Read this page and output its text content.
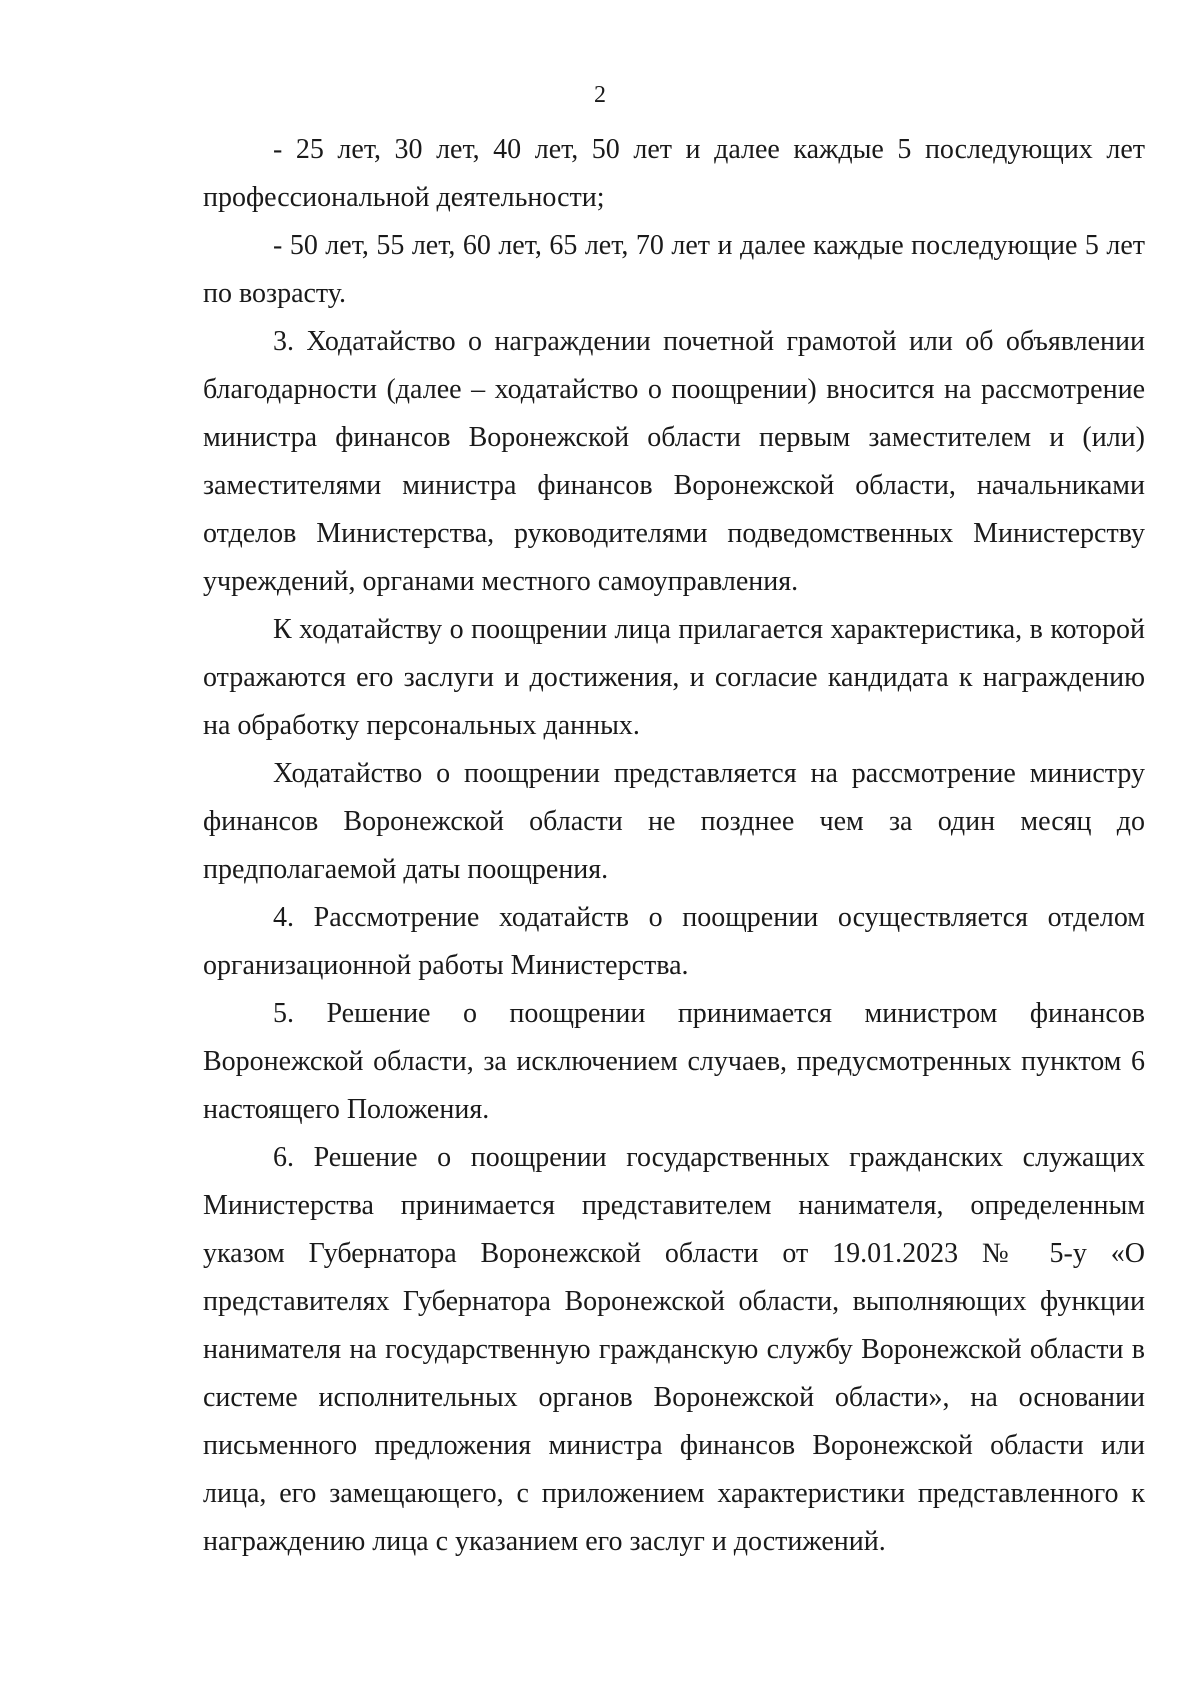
2

- 25 лет, 30 лет, 40 лет, 50 лет и далее каждые 5 последующих лет профессиональной деятельности;

- 50 лет, 55 лет, 60 лет, 65 лет, 70 лет и далее каждые последующие 5 лет по возрасту.

3. Ходатайство о награждении почетной грамотой или об объявлении благодарности (далее – ходатайство о поощрении) вносится на рассмотрение министра финансов Воронежской области первым заместителем и (или) заместителями министра финансов Воронежской области, начальниками отделов Министерства, руководителями подведомственных Министерству учреждений, органами местного самоуправления.

К ходатайству о поощрении лица прилагается характеристика, в которой отражаются его заслуги и достижения, и согласие кандидата к награждению на обработку персональных данных.

Ходатайство о поощрении представляется на рассмотрение министру финансов Воронежской области не позднее чем за один месяц до предполагаемой даты поощрения.

4. Рассмотрение ходатайств о поощрении осуществляется отделом организационной работы Министерства.

5. Решение о поощрении принимается министром финансов Воронежской области, за исключением случаев, предусмотренных пунктом 6 настоящего Положения.

6. Решение о поощрении государственных гражданских служащих Министерства принимается представителем нанимателя, определенным указом Губернатора Воронежской области от 19.01.2023 № 5-у «О представителях Губернатора Воронежской области, выполняющих функции нанимателя на государственную гражданскую службу Воронежской области в системе исполнительных органов Воронежской области», на основании письменного предложения министра финансов Воронежской области или лица, его замещающего, с приложением характеристики представленного к награждению лица с указанием его заслуг и достижений.
